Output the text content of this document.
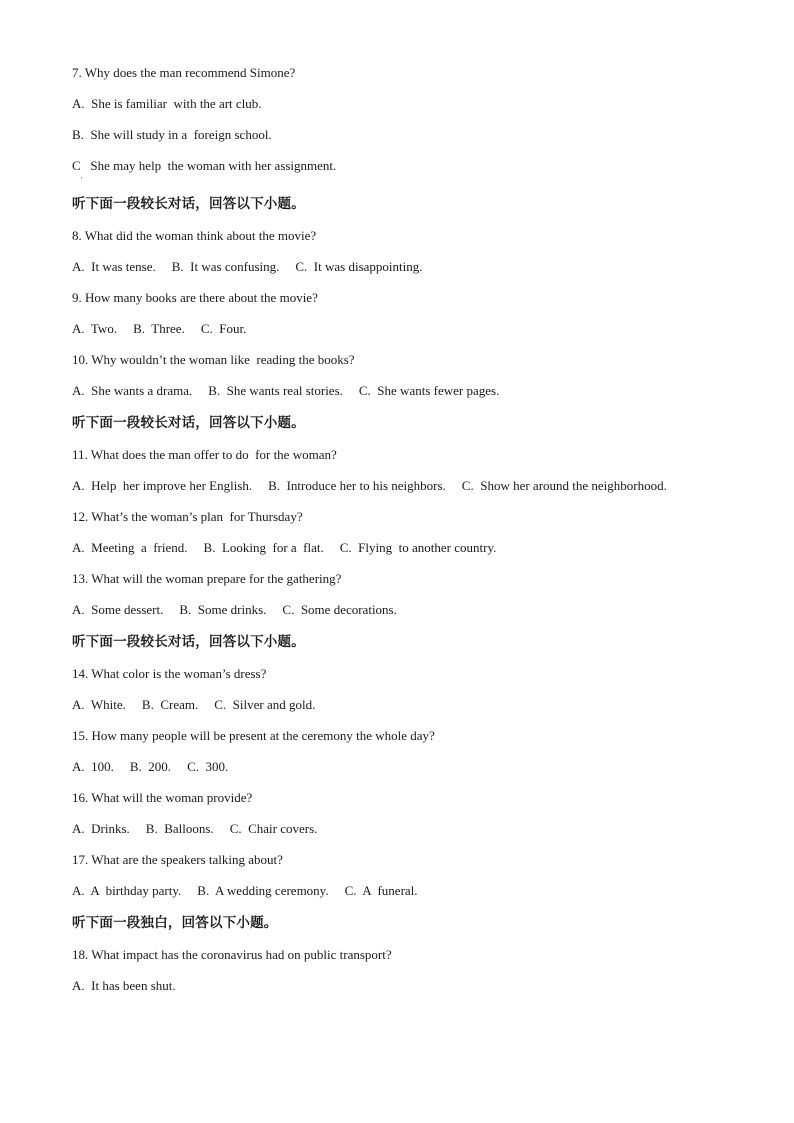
7. Why does the man recommend Simone?

A.  She is familiar  with the art club.

B.  She will study in a  foreign school.

C   She may help  the woman with her assignment.

·

听下面一段较长对话，回答以下小题。

8. What did the woman think about the movie?

A.  It was tense. B.  It was confusing. C.  It was disappointing.

9. How many books are there about the movie?

A.  Two. B.  Three. C.  Four.

10. Why wouldn’t the woman like  reading the books?

A.  She wants a drama. B.  She wants real stories. C.  She wants fewer pages.

听下面一段较长对话，回答以下小题。

11. What does the man offer to do  for the woman?

A.  Help  her improve her English. B.  Introduce her to his neighbors. C.  Show her around the neighborhood.

12. What’s the woman’s plan  for Thursday?

A.  Meeting  a  friend. B.  Looking  for a  flat. C.  Flying  to another country.

13. What will the woman prepare for the gathering?

A.  Some dessert. B.  Some drinks. C.  Some decorations.

听下面一段较长对话，回答以下小题。

14. What color is the woman’s dress?

A.  White. B.  Cream. C.  Silver and gold.

15. How many people will be present at the ceremony the whole day?

A.  100. B.  200. C.  300.

16. What will the woman provide?

A.  Drinks. B.  Balloons. C.  Chair covers.

17. What are the speakers talking about?

A.  A  birthday party. B.  A wedding ceremony. C.  A  funeral.

听下面一段独白，回答以下小题。

18. What impact has the coronavirus had on public transport?

A.  It has been shut.
